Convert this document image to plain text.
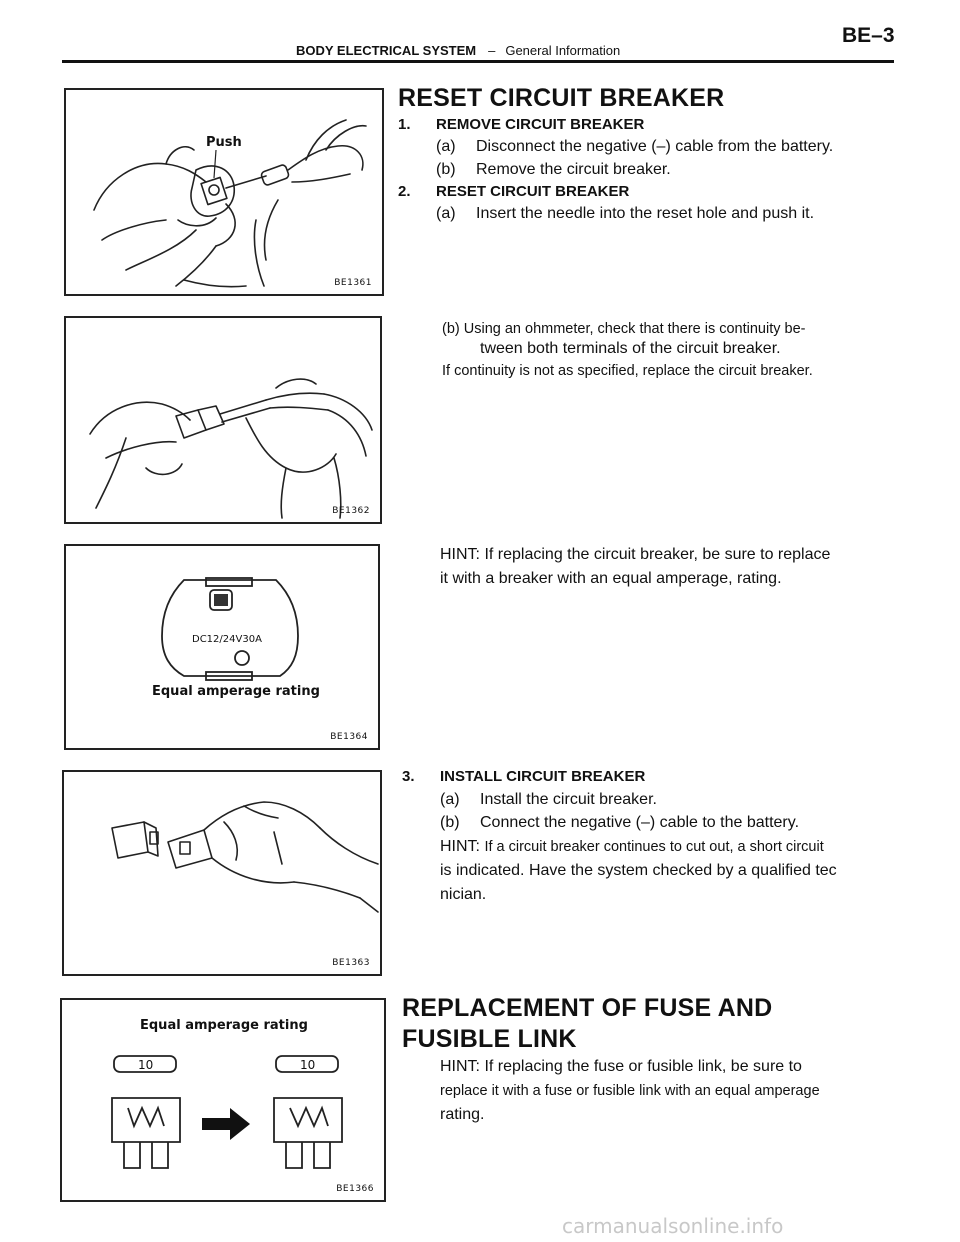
BODY ELECTRICAL SYSTEM – General Information
BE–3
Push
BE1361
BE1362
DC12/24V30A
Equal amperage rating
BE1364
BE1363
10	10
Equal amperage rating
BE1366
RESET CIRCUIT BREAKER
1. REMOVE CIRCUIT BREAKER
(a) Disconnect the negative (–) cable from the battery.
(b) Remove the circuit breaker.
2. RESET CIRCUIT BREAKER
(a) Insert the needle into the reset hole and push it.
(b) Using an ohmmeter, check that there is continuity be-
tween both terminals of the circuit breaker.
If continuity is not as specified, replace the circuit breaker.
HINT: If replacing the circuit breaker, be sure to replace
it with a breaker with an equal amperage, rating.
3. INSTALL CIRCUIT BREAKER
(a) Install the circuit breaker.
(b) Connect the negative (–) cable to the battery.
HINT: If a circuit breaker continues to cut out, a short circuit
is indicated. Have the system checked by a qualified tec
nician.
REPLACEMENT OF FUSE AND
FUSIBLE LINK
HINT: If replacing the fuse or fusible link, be sure to
replace it with a fuse or fusible link with an equal amperage
rating.
carmanualsonline.info
